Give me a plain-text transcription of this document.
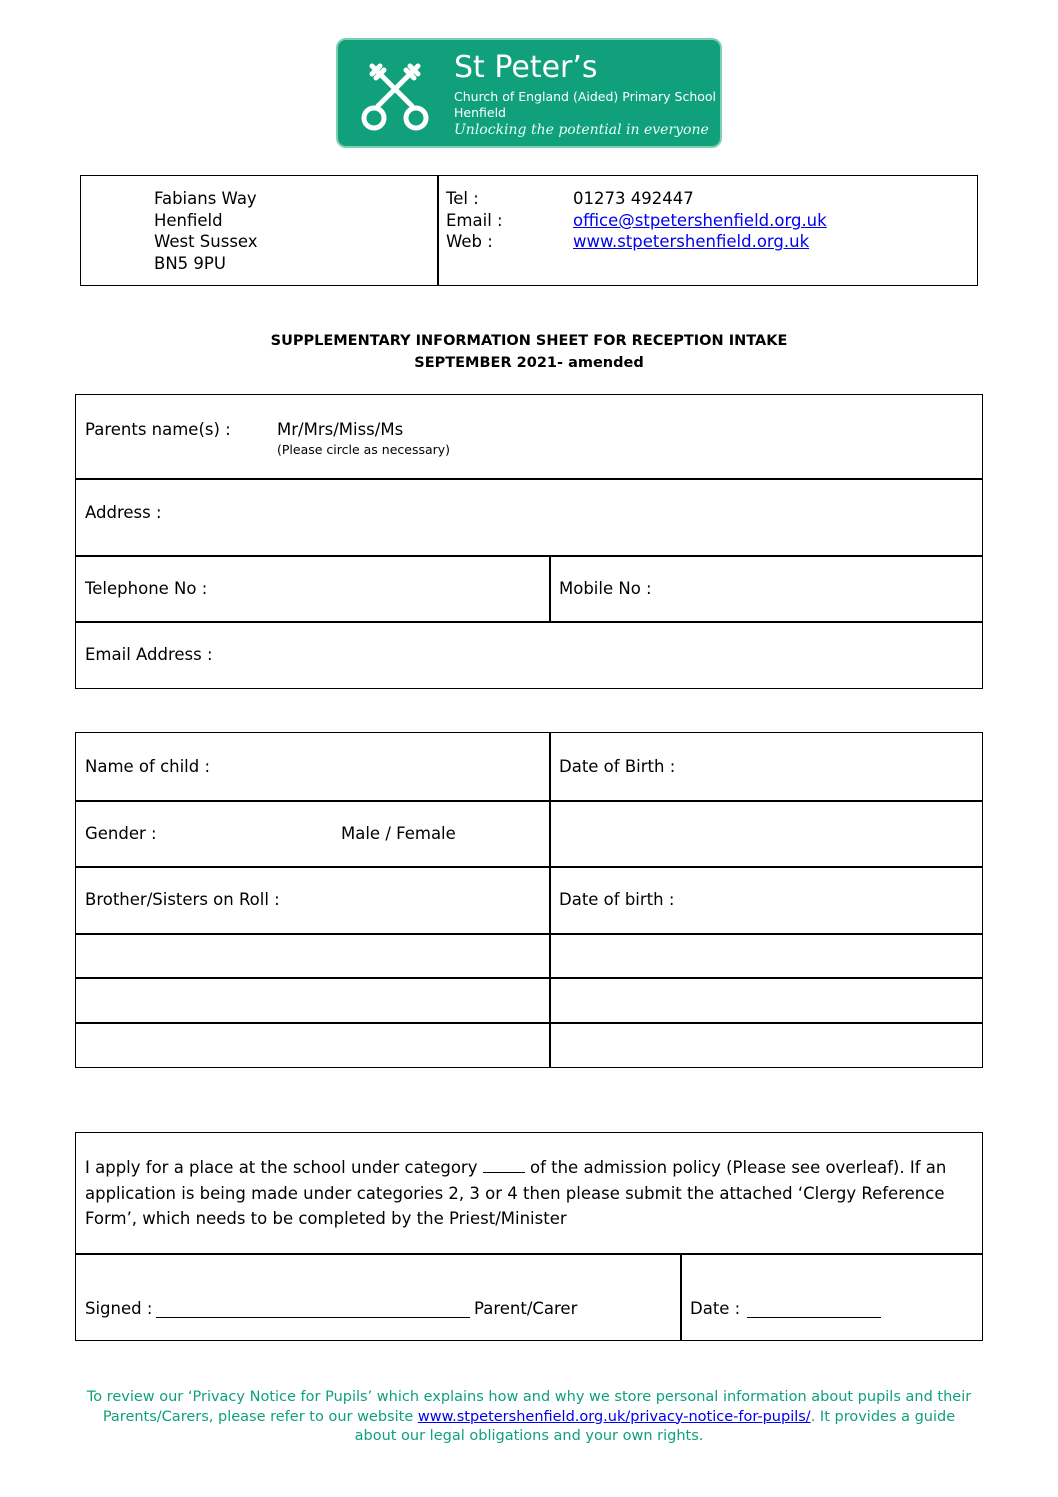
St Peter’s
Church of England (Aided) Primary School
Henfield
Unlocking the potential in everyone
Fabians Way
Henfield
West Sussex
BN5 9PU
Tel :	01273 492447
Email :	office@stpetershenfield.org.uk
Web :	www.stpetershenfield.org.uk
SUPPLEMENTARY INFORMATION SHEET FOR RECEPTION INTAKE
SEPTEMBER 2021- amended
Parents name(s) :	Mr/Mrs/Miss/Ms
(Please circle as necessary)
Address :
Telephone No :	Mobile No :
Email Address :
Name of child :	Date of Birth :
Gender :	Male / Female
Brother/Sisters on Roll :	Date of birth :
I apply for a place at the school under category	of the admission policy (Please see overleaf). If an application is being made under categories 2, 3 or 4 then please submit the attached ‘Clergy Reference Form’, which needs to be completed by the Priest/Minister
Signed :	Parent/Carer	Date :
To review our ‘Privacy Notice for Pupils’ which explains how and why we store personal information about pupils and their Parents/Carers, please refer to our website www.stpetershenfield.org.uk/privacy-notice-for-pupils/. It provides a guide about our legal obligations and your own rights.
